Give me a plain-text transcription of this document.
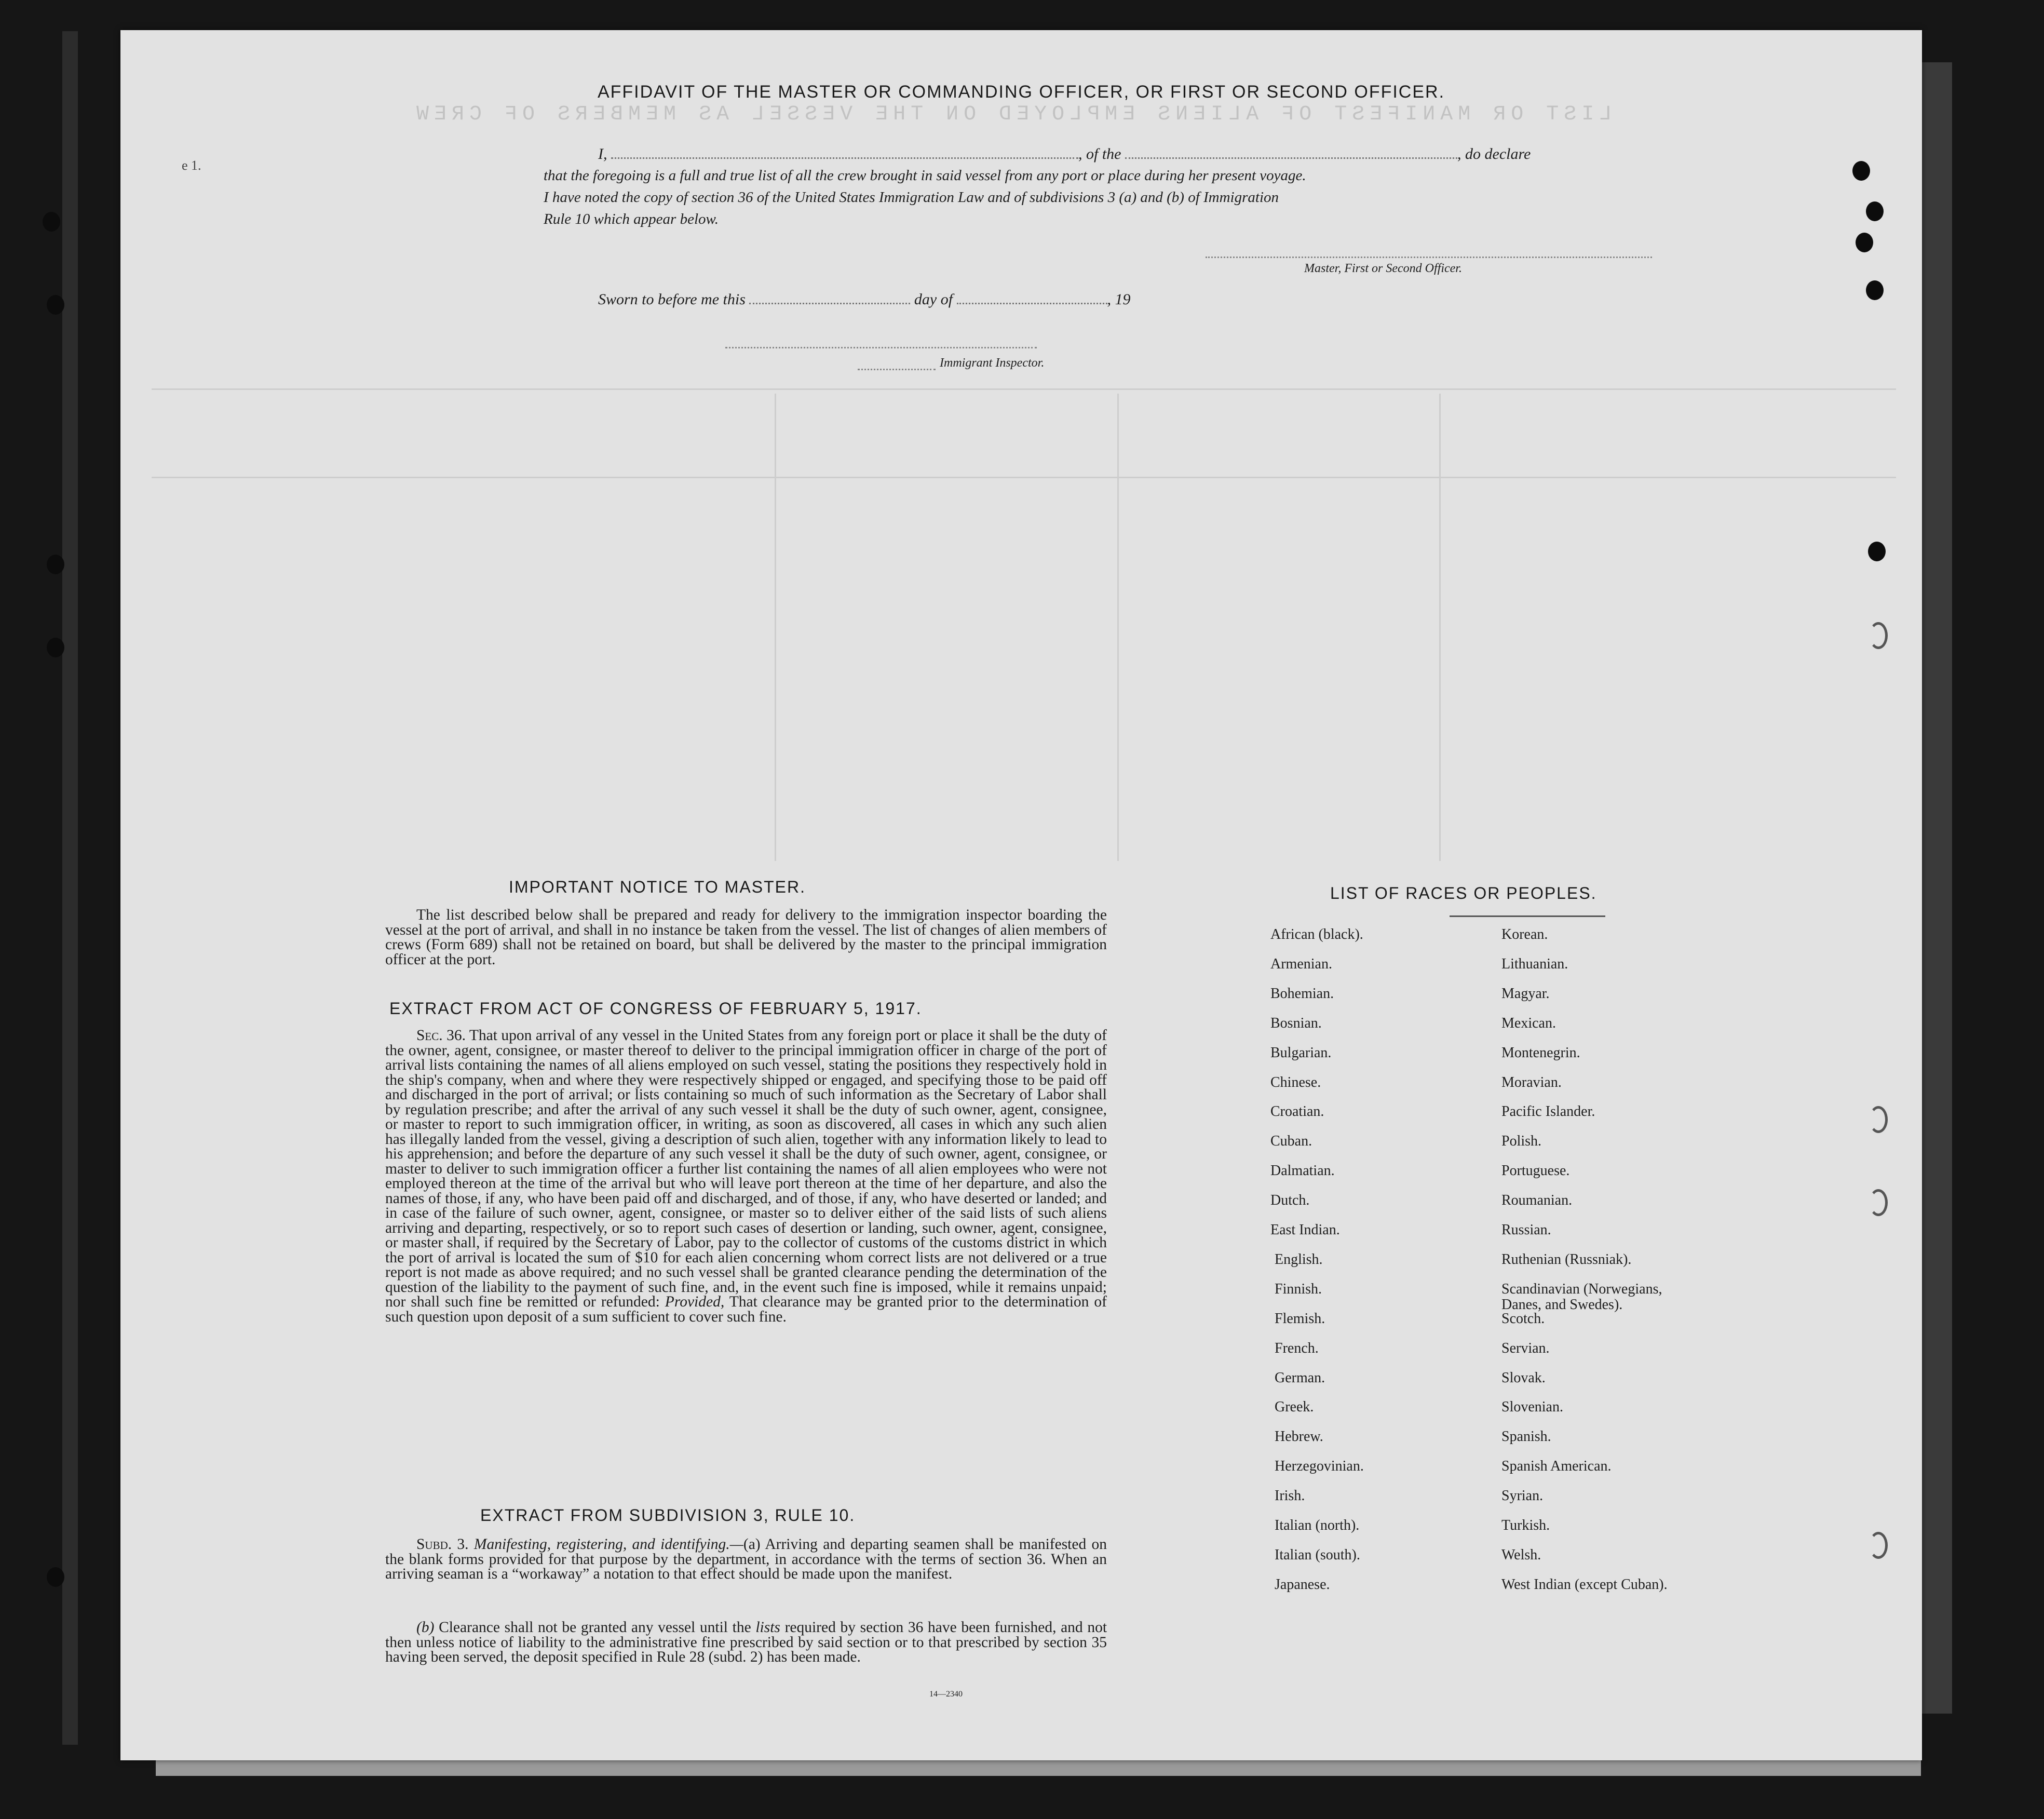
LIST OR MANIFEST OF ALIENS EMPLOYED ON THE VESSEL AS MEMBERS OF CREW
e 1.
AFFIDAVIT OF THE MASTER OR COMMANDING OFFICER, OR FIRST OR SECOND OFFICER.
I,	, of the	, do declare
that the foregoing is a full and true list of all the crew brought in said vessel from any port or place during her present voyage.
I have noted the copy of section 36 of the United States Immigration Law and of subdivisions 3 (a) and (b) of Immigration
Rule 10 which appear below.
Master, First or Second Officer.
Sworn to before me this	day of	, 19
Immigrant Inspector.
IMPORTANT NOTICE TO MASTER.
The list described below shall be prepared and ready for delivery to the immigration inspector boarding the vessel at the port of arrival, and shall in no instance be taken from the vessel. The list of changes of alien members of crews (Form 689) shall not be retained on board, but shall be delivered by the master to the principal immigration officer at the port.
EXTRACT FROM ACT OF CONGRESS OF FEBRUARY 5, 1917.
Sec. 36. That upon arrival of any vessel in the United States from any foreign port or place it shall be the duty of the owner, agent, consignee, or master thereof to deliver to the principal immigration officer in charge of the port of arrival lists containing the names of all aliens employed on such vessel, stating the positions they respectively hold in the ship's company, when and where they were respectively shipped or engaged, and specifying those to be paid off and discharged in the port of arrival; or lists containing so much of such information as the Secretary of Labor shall by regulation prescribe; and after the arrival of any such vessel it shall be the duty of such owner, agent, consignee, or master to report to such immigration officer, in writing, as soon as discovered, all cases in which any such alien has illegally landed from the vessel, giving a description of such alien, together with any information likely to lead to his apprehension; and before the departure of any such vessel it shall be the duty of such owner, agent, consignee, or master to deliver to such immigration officer a further list containing the names of all alien employees who were not employed thereon at the time of the arrival but who will leave port thereon at the time of her departure, and also the names of those, if any, who have been paid off and discharged, and of those, if any, who have deserted or landed; and in case of the failure of such owner, agent, consignee, or master so to deliver either of the said lists of such aliens arriving and departing, respectively, or so to report such cases of desertion or landing, such owner, agent, consignee, or master shall, if required by the Secretary of Labor, pay to the collector of customs of the customs district in which the port of arrival is located the sum of $10 for each alien concerning whom correct lists are not delivered or a true report is not made as above required; and no such vessel shall be granted clearance pending the determination of the question of the liability to the payment of such fine, and, in the event such fine is imposed, while it remains unpaid; nor shall such fine be remitted or refunded: Provided, That clearance may be granted prior to the determination of such question upon deposit of a sum sufficient to cover such fine.
EXTRACT FROM SUBDIVISION 3, RULE 10.
Subd. 3. Manifesting, registering, and identifying.—(a) Arriving and departing seamen shall be manifested on the blank forms provided for that purpose by the department, in accordance with the terms of section 36. When an arriving seaman is a “workaway” a notation to that effect should be made upon the manifest.
(b) Clearance shall not be granted any vessel until the lists required by section 36 have been furnished, and not then unless notice of liability to the administrative fine prescribed by said section or to that prescribed by section 35 having been served, the deposit specified in Rule 28 (subd. 2) has been made.
14—2340
LIST OF RACES OR PEOPLES.
African (black).
Armenian.
Bohemian.
Bosnian.
Bulgarian.
Chinese.
Croatian.
Cuban.
Dalmatian.
Dutch.
East Indian.
English.
Finnish.
Flemish.
French.
German.
Greek.
Hebrew.
Herzegovinian.
Irish.
Italian (north).
Italian (south).
Japanese.
Korean.
Lithuanian.
Magyar.
Mexican.
Montenegrin.
Moravian.
Pacific Islander.
Polish.
Portuguese.
Roumanian.
Russian.
Ruthenian (Russniak).
Scandinavian (Norwegians,
Danes, and Swedes).
Scotch.
Servian.
Slovak.
Slovenian.
Spanish.
Spanish American.
Syrian.
Turkish.
Welsh.
West Indian (except Cuban).
